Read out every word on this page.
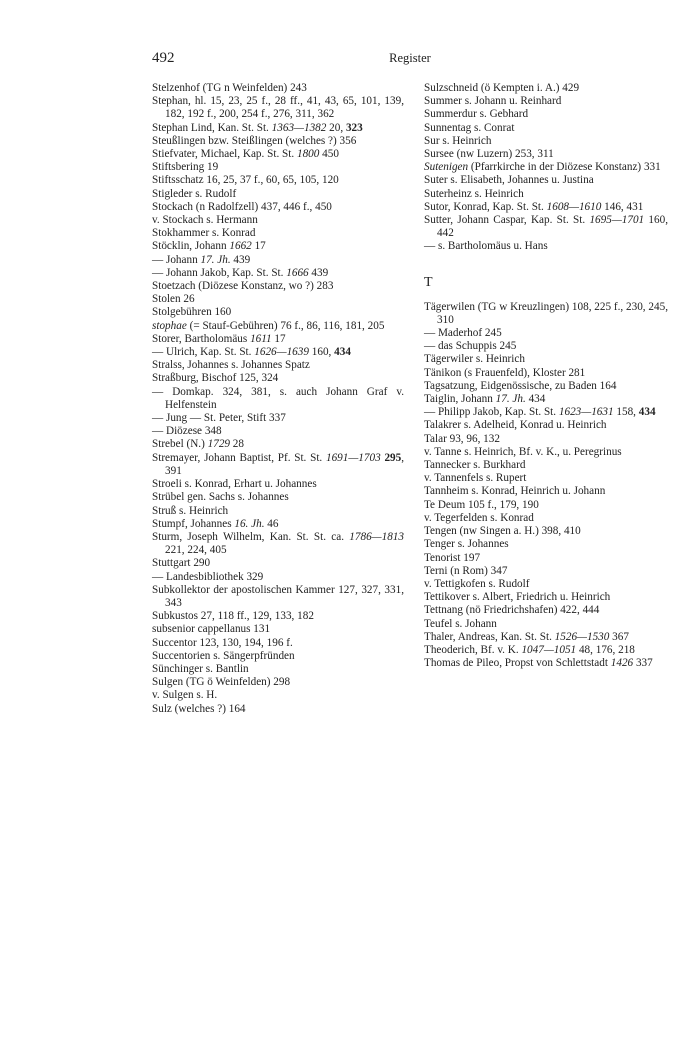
492	Register

Stelzenhof (TG n Weinfelden) 243

Stephan, hl. 15, 23, 25 f., 28 ff., 41, 43, 65, 101, 139, 182, 192 f., 200, 254 f., 276, 311, 362

Stephan Lind, Kan. St. St. 1363—1382 20, 323

Steußlingen bzw. Steißlingen (welches ?) 356

Stiefvater, Michael, Kap. St. St. 1800 450

Stiftsbering 19

Stiftsschatz 16, 25, 37 f., 60, 65, 105, 120

Stigleder s. Rudolf

Stockach (n Radolfzell) 437, 446 f., 450

v. Stockach s. Hermann

Stokhammer s. Konrad

Stöcklin, Johann 1662 17

— Johann 17. Jh. 439

— Johann Jakob, Kap. St. St. 1666 439

Stoetzach (Diözese Konstanz, wo ?) 283

Stolen 26

Stolgebühren 160

stophae (= Stauf-Gebühren) 76 f., 86, 116, 181, 205

Storer, Bartholomäus 1611 17

— Ulrich, Kap. St. St. 1626—1639 160, 434

Stralss, Johannes s. Johannes Spatz

Straßburg, Bischof 125, 324

— Domkap. 324, 381, s. auch Johann Graf v. Helfenstein

— Jung — St. Peter, Stift 337

— Diözese 348

Strebel (N.) 1729 28

Stremayer, Johann Baptist, Pf. St. St. 1691—1703 295, 391

Stroeli s. Konrad, Erhart u. Johannes

Strübel gen. Sachs s. Johannes

Struß s. Heinrich

Stumpf, Johannes 16. Jh. 46

Sturm, Joseph Wilhelm, Kan. St. St. ca. 1786—1813 221, 224, 405

Stuttgart 290

— Landesbibliothek 329

Subkollektor der apostolischen Kammer 127, 327, 331, 343

Subkustos 27, 118 ff., 129, 133, 182

subsenior cappellanus 131

Succentor 123, 130, 194, 196 f.

Succentorien s. Sängerpfründen

Sünchinger s. Bantlin

Sulgen (TG ö Weinfelden) 298

v. Sulgen s. H.

Sulz (welches ?) 164

Sulzschneid (ö Kempten i. A.) 429

Summer s. Johann u. Reinhard

Summerdur s. Gebhard

Sunnentag s. Conrat

Sur s. Heinrich

Sursee (nw Luzern) 253, 311

Sutenigen (Pfarrkirche in der Diözese Konstanz) 331

Suter s. Elisabeth, Johannes u. Justina

Suterheinz s. Heinrich

Sutor, Konrad, Kap. St. St. 1608—1610 146, 431

Sutter, Johann Caspar, Kap. St. St. 1695—1701 160, 442

— s. Bartholomäus u. Hans

T

Tägerwilen (TG w Kreuzlingen) 108, 225 f., 230, 245, 310

— Maderhof 245

— das Schuppis 245

Tägerwiler s. Heinrich

Tänikon (s Frauenfeld), Kloster 281

Tagsatzung, Eidgenössische, zu Baden 164

Taiglin, Johann 17. Jh. 434

— Philipp Jakob, Kap. St. St. 1623—1631 158, 434

Talakrer s. Adelheid, Konrad u. Heinrich

Talar 93, 96, 132

v. Tanne s. Heinrich, Bf. v. K., u. Peregrinus

Tannecker s. Burkhard

v. Tannenfels s. Rupert

Tannheim s. Konrad, Heinrich u. Johann

Te Deum 105 f., 179, 190

v. Tegerfelden s. Konrad

Tengen (nw Singen a. H.) 398, 410

Tenger s. Johannes

Tenorist 197

Terni (n Rom) 347

v. Tettigkofen s. Rudolf

Tettikover s. Albert, Friedrich u. Heinrich

Tettnang (nö Friedrichshafen) 422, 444

Teufel s. Johann

Thaler, Andreas, Kan. St. St. 1526—1530 367

Theoderich, Bf. v. K. 1047—1051 48, 176, 218

Thomas de Pileo, Propst von Schlettstadt 1426 337
